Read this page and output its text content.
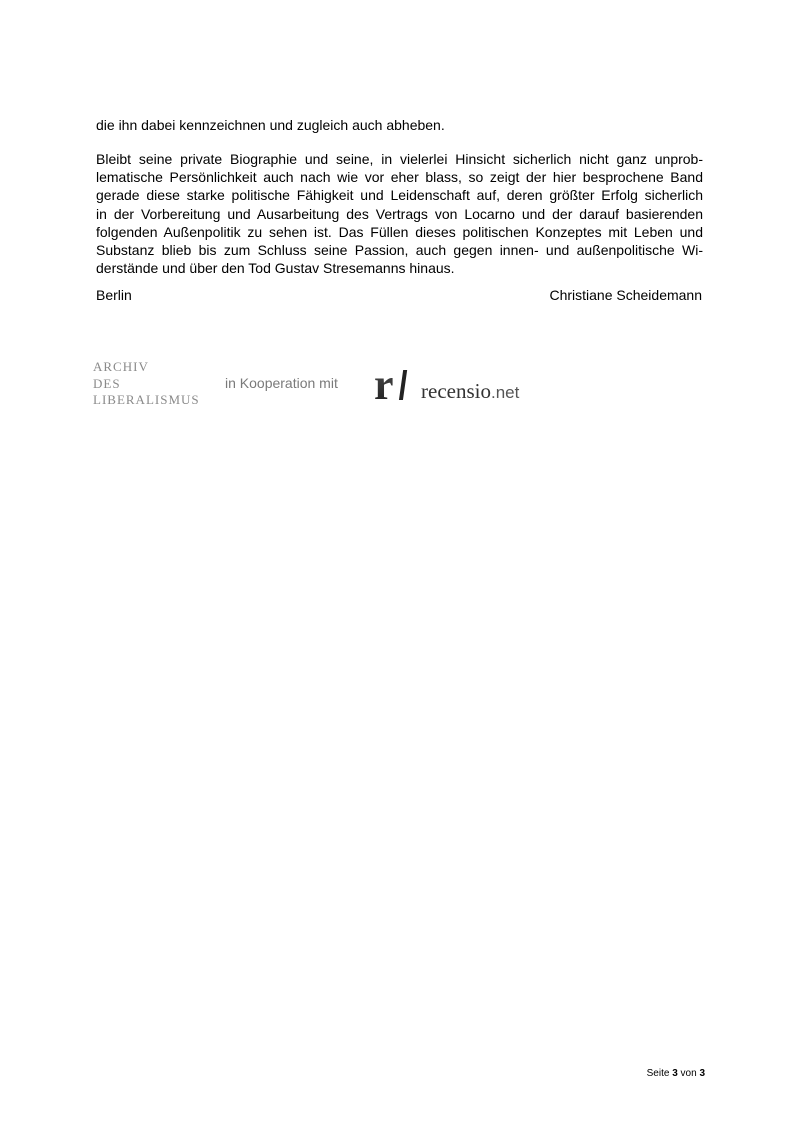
die ihn dabei kennzeichnen und zugleich auch abheben.
Bleibt seine private Biographie und seine, in vielerlei Hinsicht sicherlich nicht ganz unprob-
lematische Persönlichkeit auch nach wie vor eher blass, so zeigt der hier besprochene Band
gerade diese starke politische Fähigkeit und Leidenschaft auf, deren größter Erfolg sicherlich
in der Vorbereitung und Ausarbeitung des Vertrags von Locarno und der darauf basierenden
folgenden Außenpolitik zu sehen ist. Das Füllen dieses politischen Konzeptes mit Leben und
Substanz blieb bis zum Schluss seine Passion, auch gegen innen- und außenpolitische Wi-
derstände und über den Tod Gustav Stresemanns hinaus.
Berlin	Christiane Scheidemann
ARCHIV
DES
LIBERALISMUS
in Kooperation mit r recensio.net
Seite 3 von 3
